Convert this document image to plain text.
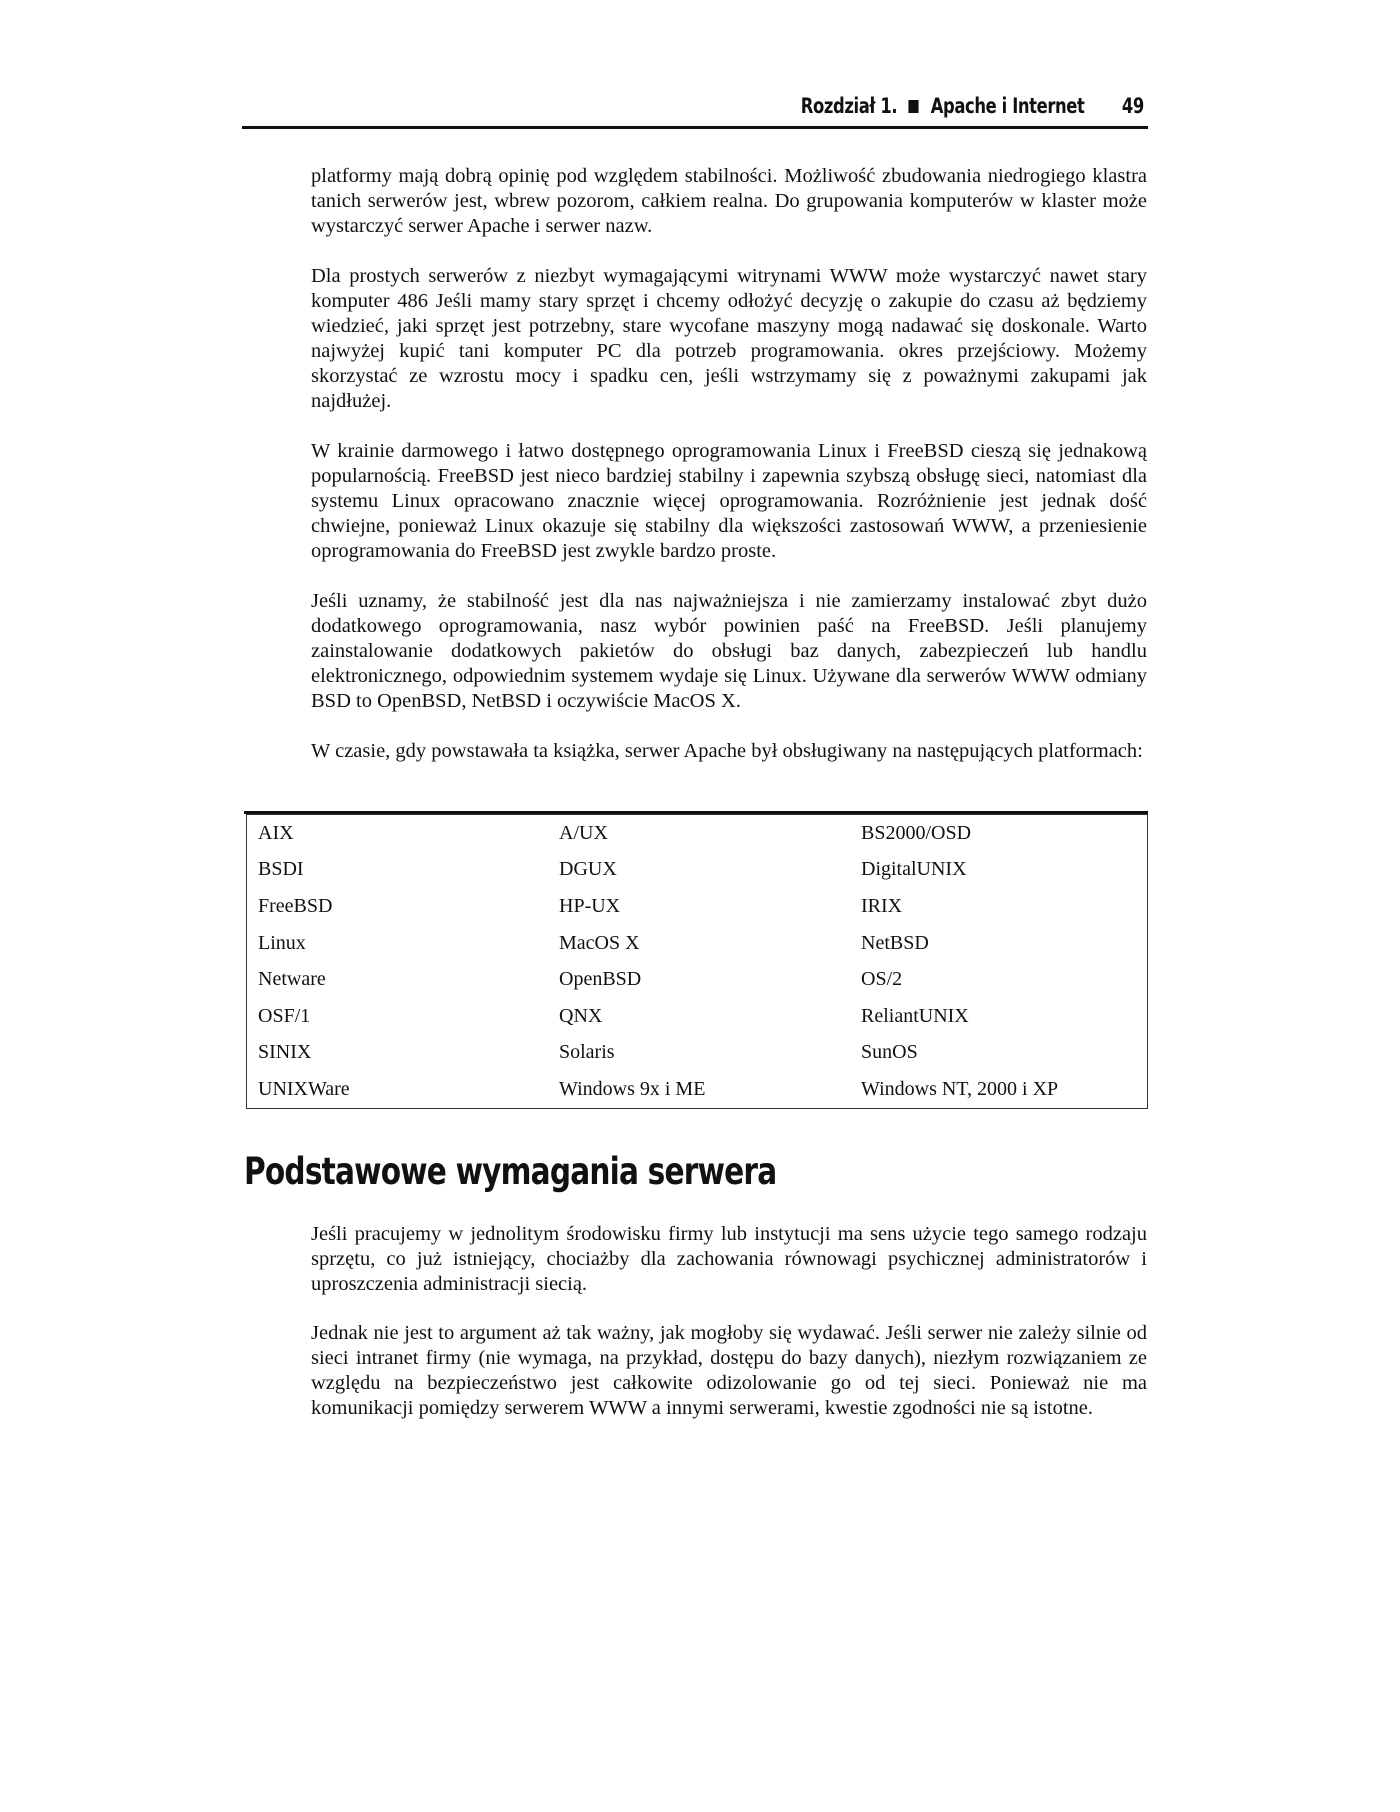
Rozdział 1. Apache i Internet 49

platformy mają dobrą opinię pod względem stabilności. Możliwość zbudowania niedrogiego klastra tanich serwerów jest, wbrew pozorom, całkiem realna. Do grupowania komputerów w klaster może wystarczyć serwer Apache i serwer nazw.

Dla prostych serwerów z niezbyt wymagającymi witrynami WWW może wystarczyć nawet stary komputer 486 Jeśli mamy stary sprzęt i chcemy odłożyć decyzję o zakupie do czasu aż będziemy wiedzieć, jaki sprzęt jest potrzebny, stare wycofane maszyny mogą nadawać się doskonale. Warto najwyżej kupić tani komputer PC dla potrzeb programowania. okres przejściowy. Możemy skorzystać ze wzrostu mocy i spadku cen, jeśli wstrzymamy się z poważnymi zakupami jak najdłużej.

W krainie darmowego i łatwo dostępnego oprogramowania Linux i FreeBSD cieszą się jednakową popularnością. FreeBSD jest nieco bardziej stabilny i zapewnia szybszą obsługę sieci, natomiast dla systemu Linux opracowano znacznie więcej oprogramowania. Rozróżnienie jest jednak dość chwiejne, ponieważ Linux okazuje się stabilny dla większości zastosowań WWW, a przeniesienie oprogramowania do FreeBSD jest zwykle bardzo proste.

Jeśli uznamy, że stabilność jest dla nas najważniejsza i nie zamierzamy instalować zbyt dużo dodatkowego oprogramowania, nasz wybór powinien paść na FreeBSD. Jeśli planujemy zainstalowanie dodatkowych pakietów do obsługi baz danych, zabezpieczeń lub handlu elektronicznego, odpowiednim systemem wydaje się Linux. Używane dla serwerów WWW odmiany BSD to OpenBSD, NetBSD i oczywiście MacOS X.

W czasie, gdy powstawała ta książka, serwer Apache był obsługiwany na następujących platformach:

AIX	A/UX	BS2000/OSD
BSDI	DGUX	DigitalUNIX
FreeBSD	HP-UX	IRIX
Linux	MacOS X	NetBSD
Netware	OpenBSD	OS/2
OSF/1	QNX	ReliantUNIX
SINIX	Solaris	SunOS
UNIXWare	Windows 9x i ME	Windows NT, 2000 i XP
Podstawowe wymagania serwera

Jeśli pracujemy w jednolitym środowisku firmy lub instytucji ma sens użycie tego samego rodzaju sprzętu, co już istniejący, chociażby dla zachowania równowagi psychicznej administratorów i uproszczenia administracji siecią.

Jednak nie jest to argument aż tak ważny, jak mogłoby się wydawać. Jeśli serwer nie zależy silnie od sieci intranet firmy (nie wymaga, na przykład, dostępu do bazy danych), niezłym rozwiązaniem ze względu na bezpieczeństwo jest całkowite odizolowanie go od tej sieci. Ponieważ nie ma komunikacji pomiędzy serwerem WWW a innymi serwerami, kwestie zgodności nie są istotne.
